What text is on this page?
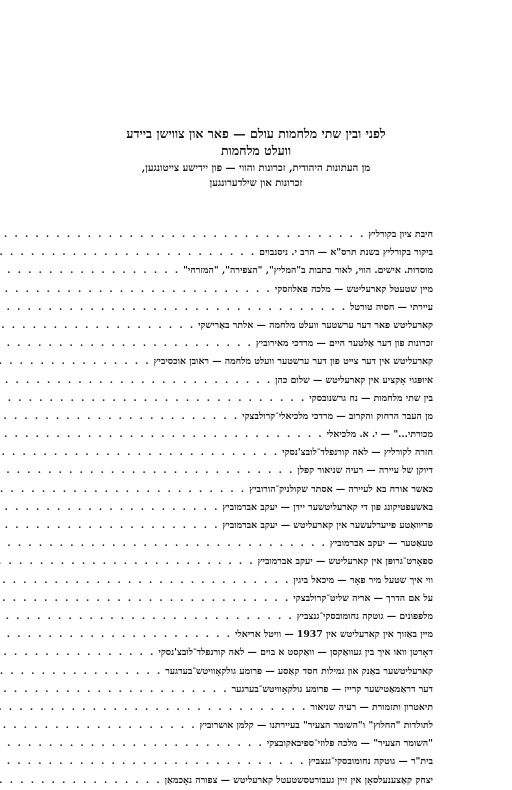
לפני ובין שתי מלחמות עולם — פאר און צווישן ביידע
וועלט מלחמות
מן העתונות היהודית, זכרונות והווי — פון יידישע צייטונגען,
זכרונות און שילדערונגען
חיבת ציון בקורליץ
. . .
ביקור בקורליץ בשנת תרס"א — הרב י. ניסנבוים
. . .
מוסדות. אישים. הווי, לאור כתבות ב"המליץ", "הצפירה", "המזרחי"
. . .
מיין שטעטל קארעליטש — מלכה פאלוזסקי
. . .
עיירתי — חסיה טורטל
. . .
קארעליטש פאר דער ערשטער וועלט מלחמה — אלתר באַרישקי
. . .
זכרונות פון דער אַלטער היים — מרדכי מאירוביץ
. . .
קארעליטש אין דער צייט פון דער ערשטער וועלט מלחמה — ראובן אוכסיביץ
. . .
איופּגוי אָקציע אין קארעליטש — שלום כהן
. . .
בין שתי מלחמות — נח גרשנובסקי
. . .
מן העבר הרחוק והקרוב — מרדכי מלכיאלי־קרולבצקי
. . .
מכורתי..." — י. א. מלכיאלי
. . .
חזרה לקורליץ — לאה קורנפלד־לובצ'נסקי
. . .
דיוקן של עיירה — רעיה שניאור קפלן
. . .
כאשר אורח בא לעיירה — אסתר שקולניק־הורוביץ
. . .
באשעפטיקונג פון די קארעליטשער יידן — יעקב אברמוביץ
. . .
פריוואַטע פייערלעשער אין קארעליטש — יעקב אברמוביץ
. . .
טעאַטער — יעקב אברמוביץ
. . .
ספאָרט־גרופּן אין קארעליטש — יעקב אברמוביץ
. . .
ווי איך שטעל מיר פאָר — מיכאל ביגין
. . .
על אם הדרך — אריה שליט־קרולבצקי
. . .
מלפפונים — גוטקה נחומובסקי־גנצביץ
. . .
מיין באַזוך אין קארעליטש אין 1937 — וויטל אריאלי
. . .
דאָרטן וואו איך בין געוואַקסן — וואַקסט א בוים — לאה קורנפלד־לובצ'נסקי
. . .
קארעליטשער באַנק און גמילות חסד קאַסע — פרומע גולקאָוויטש־בערגער
. . .
דער דראַמאַטישער קרייז — פרומע גולקאָוויטש־בערגער
. . .
תיאטרון ותזמורת — רעיה שניאור
. . .
לתולדות "החלוץ" ו"השומר הצעיר" בעיירתנו — קלמן אושרוביץ
. . .
"השומר הצעיר" — מלכה פלוזי־ספיבאקובצקי
. . .
בית"ר — גוטקה נחומובסקי־גנצביץ
. . .
יצחק קאַצענעלסאָן אין זיין געבורטסשטעטל קארעליטש — צפורה נאָכמאַן
. . .
